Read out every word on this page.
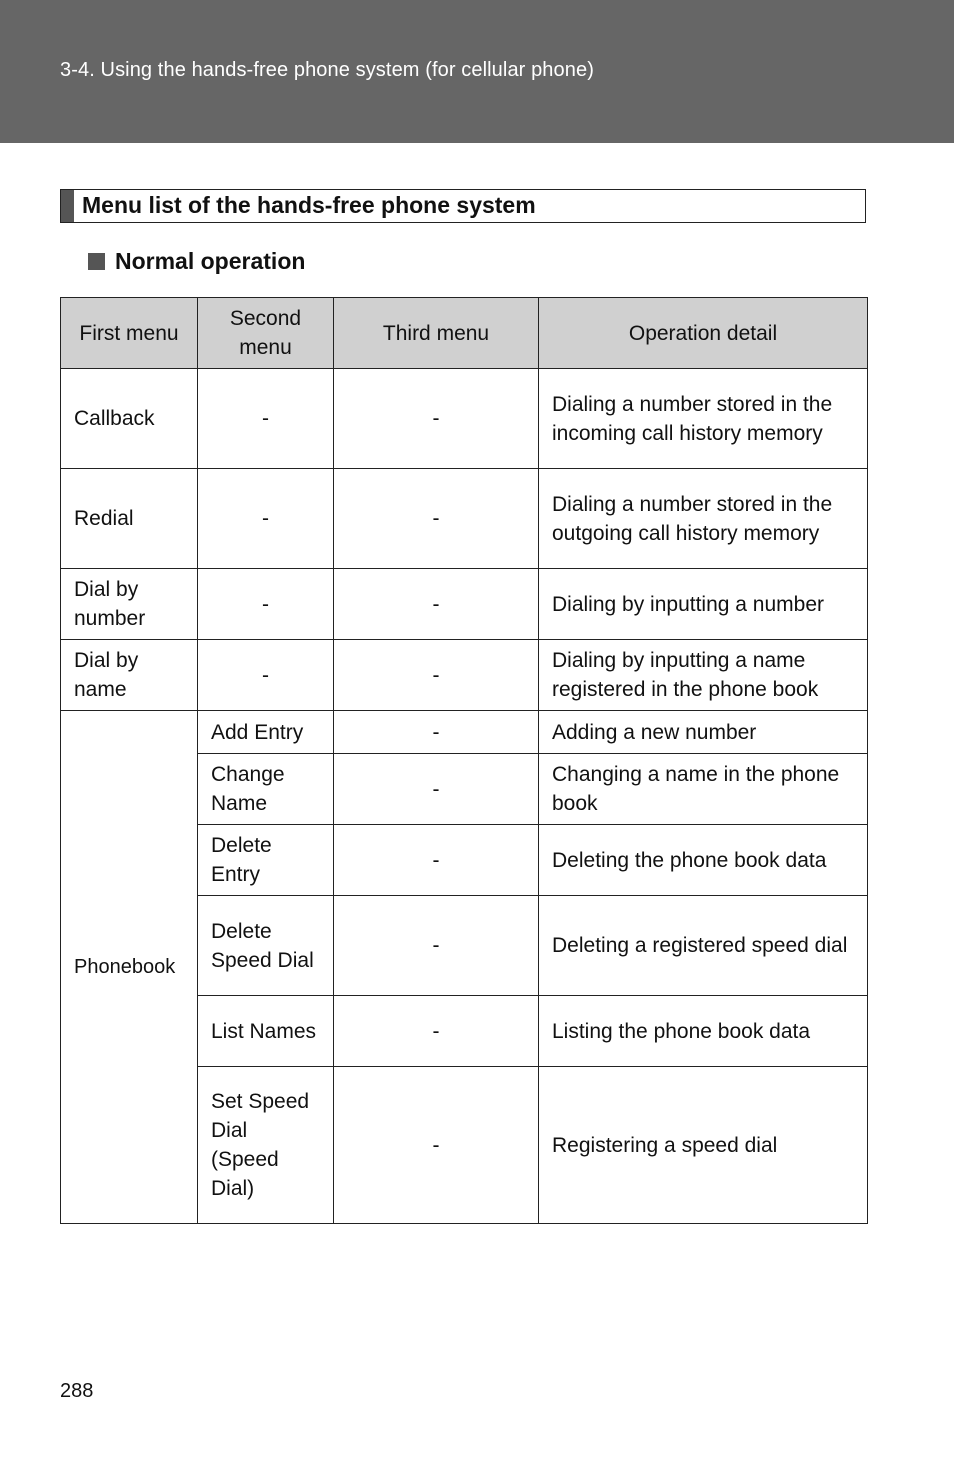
3-4. Using the hands-free phone system (for cellular phone)
Menu list of the hands-free phone system
Normal operation
First menu	Second menu	Third menu	Operation detail
Callback	-	-	Dialing a number stored in the incoming call history memory
Redial	-	-	Dialing a number stored in the outgoing call history memory
Dial by number	-	-	Dialing by inputting a number
Dial by name	-	-	Dialing by inputting a name registered in the phone book
Phonebook	Add Entry	-	Adding a new number
	Change Name	-	Changing a name in the phone book
	Delete Entry	-	Deleting the phone book data
	Delete Speed Dial	-	Deleting a registered speed dial
	List Names	-	Listing the phone book data
	Set Speed Dial (Speed Dial)	-	Registering a speed dial
288
